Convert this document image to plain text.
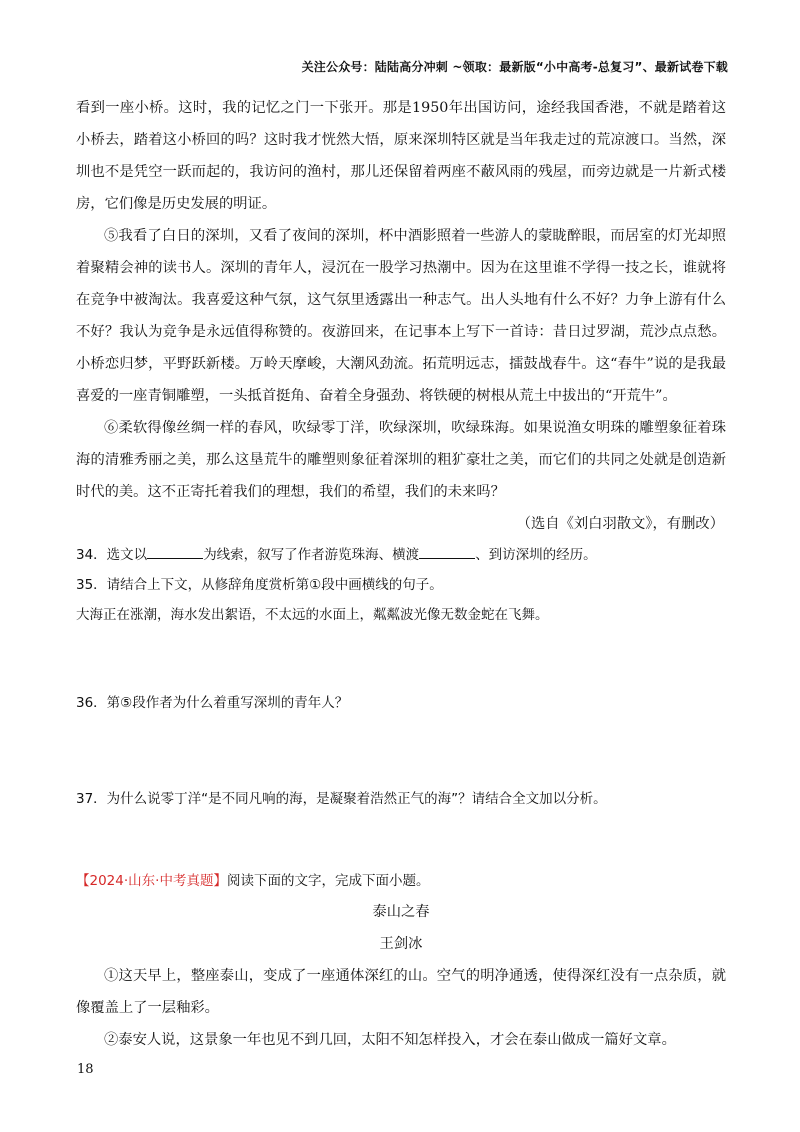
关注公众号：陆陆高分冲刺 ~领取：最新版“小中高考-总复习”、最新试卷下载

看到一座小桥。这时，我的记忆之门一下张开。那是1950年出国访问，途经我国香港，不就是踏着这小桥去，踏着这小桥回的吗？这时我才恍然大悟，原来深圳特区就是当年我走过的荒凉渡口。当然，深圳也不是凭空一跃而起的，我访问的渔村，那儿还保留着两座不蔽风雨的残屋，而旁边就是一片新式楼房，它们像是历史发展的明证。

⑤我看了白日的深圳，又看了夜间的深圳，杯中酒影照着一些游人的蒙眬醉眼，而居室的灯光却照着聚精会神的读书人。深圳的青年人，浸沉在一股学习热潮中。因为在这里谁不学得一技之长，谁就将在竞争中被淘汰。我喜爱这种气氛，这气氛里透露出一种志气。出人头地有什么不好？力争上游有什么不好？我认为竞争是永远值得称赞的。夜游回来，在记事本上写下一首诗：昔日过罗湖，荒沙点点愁。小桥恋归梦，平野跃新楼。万岭天摩峻，大潮风劲流。拓荒明远志，擂鼓战春牛。这“春牛”说的是我最喜爱的一座青铜雕塑，一头抵首挺角、奋着全身强劲、将铁硬的树根从荒土中拔出的“开荒牛”。

⑥柔软得像丝绸一样的春风，吹绿零丁洋，吹绿深圳，吹绿珠海。如果说渔女明珠的雕塑象征着珠海的清雅秀丽之美，那么这垦荒牛的雕塑则象征着深圳的粗犷豪壮之美，而它们的共同之处就是创造新时代的美。这不正寄托着我们的理想，我们的希望，我们的未来吗？

（选自《刘白羽散文》，有删改）

34．选文以	为线索，叙写了作者游览珠海、横渡	、到访深圳的经历。

35．请结合上下文，从修辞角度赏析第①段中画横线的句子。

大海正在涨潮，海水发出絮语，不太远的水面上，粼粼波光像无数金蛇在飞舞。

36．第⑤段作者为什么着重写深圳的青年人？

37．为什么说零丁洋“是不同凡响的海，是凝聚着浩然正气的海”？请结合全文加以分析。

【2024·山东·中考真题】阅读下面的文字，完成下面小题。

泰山之春

王剑冰

①这天早上，整座泰山，变成了一座通体深红的山。空气的明净通透，使得深红没有一点杂质，就像覆盖上了一层釉彩。

②泰安人说，这景象一年也见不到几回，太阳不知怎样投入，才会在泰山做成一篇好文章。

18
